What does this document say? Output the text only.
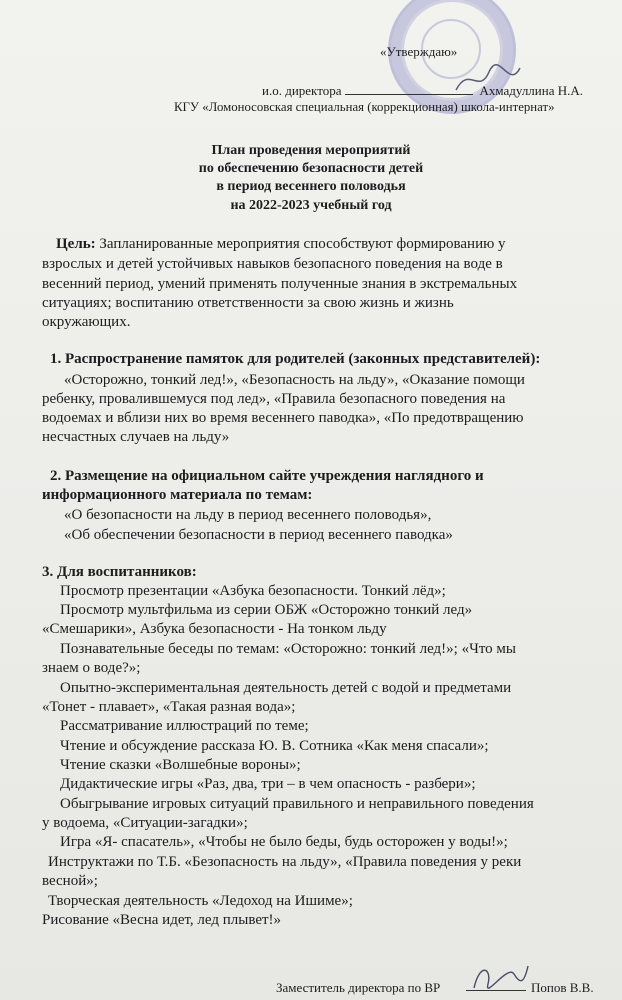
«Утверждаю»
и.о. директора	Ахмадуллина Н.А.
КГУ «Ломоносовская специальная (коррекционная) школа-интернат»
План проведения мероприятий
по обеспечению безопасности детей
в период весеннего половодья
на 2022-2023 учебный год
Цель: Запланированные мероприятия способствуют формированию у
взрослых и детей устойчивых навыков безопасного поведения на воде в
весенний период, умений применять полученные знания в экстремальных
ситуациях; воспитанию ответственности за свою жизнь и жизнь
окружающих.
1. Распространение памяток для родителей (законных представителей):
«Осторожно, тонкий лед!», «Безопасность на льду», «Оказание помощи
ребенку, провалившемуся под лед», «Правила безопасного поведения на
водоемах и вблизи них во время весеннего паводка», «По предотвращению
несчастных случаев на льду»
2. Размещение на официальном сайте учреждения наглядного и
информационного материала по темам:
«О безопасности на льду в период весеннего половодья»,
«Об обеспечении безопасности в период весеннего паводка»
3. Для воспитанников:
Просмотр презентации «Азбука безопасности. Тонкий лёд»;
Просмотр мультфильма из серии ОБЖ «Осторожно тонкий лед»
«Смешарики», Азбука безопасности - На тонком льду
Познавательные беседы по темам: «Осторожно: тонкий лед!»; «Что мы
знаем о воде?»;
Опытно-экспериментальная деятельность детей с водой и предметами
«Тонет - плавает», «Такая разная вода»;
Рассматривание иллюстраций по теме;
Чтение и обсуждение рассказа Ю. В. Сотника «Как меня спасали»;
Чтение сказки «Волшебные вороны»;
Дидактические игры «Раз, два, три – в чем опасность - разбери»;
Обыгрывание игровых ситуаций правильного и неправильного поведения
у водоема, «Ситуации-загадки»;
Игра «Я- спасатель», «Чтобы не было беды, будь осторожен у воды!»;
Инструктажи по Т.Б. «Безопасность на льду», «Правила поведения у реки
весной»;
Творческая деятельность «Ледоход на Ишиме»;
Рисование «Весна идет, лед плывет!»
Заместитель директора по ВР	Попов В.В.
